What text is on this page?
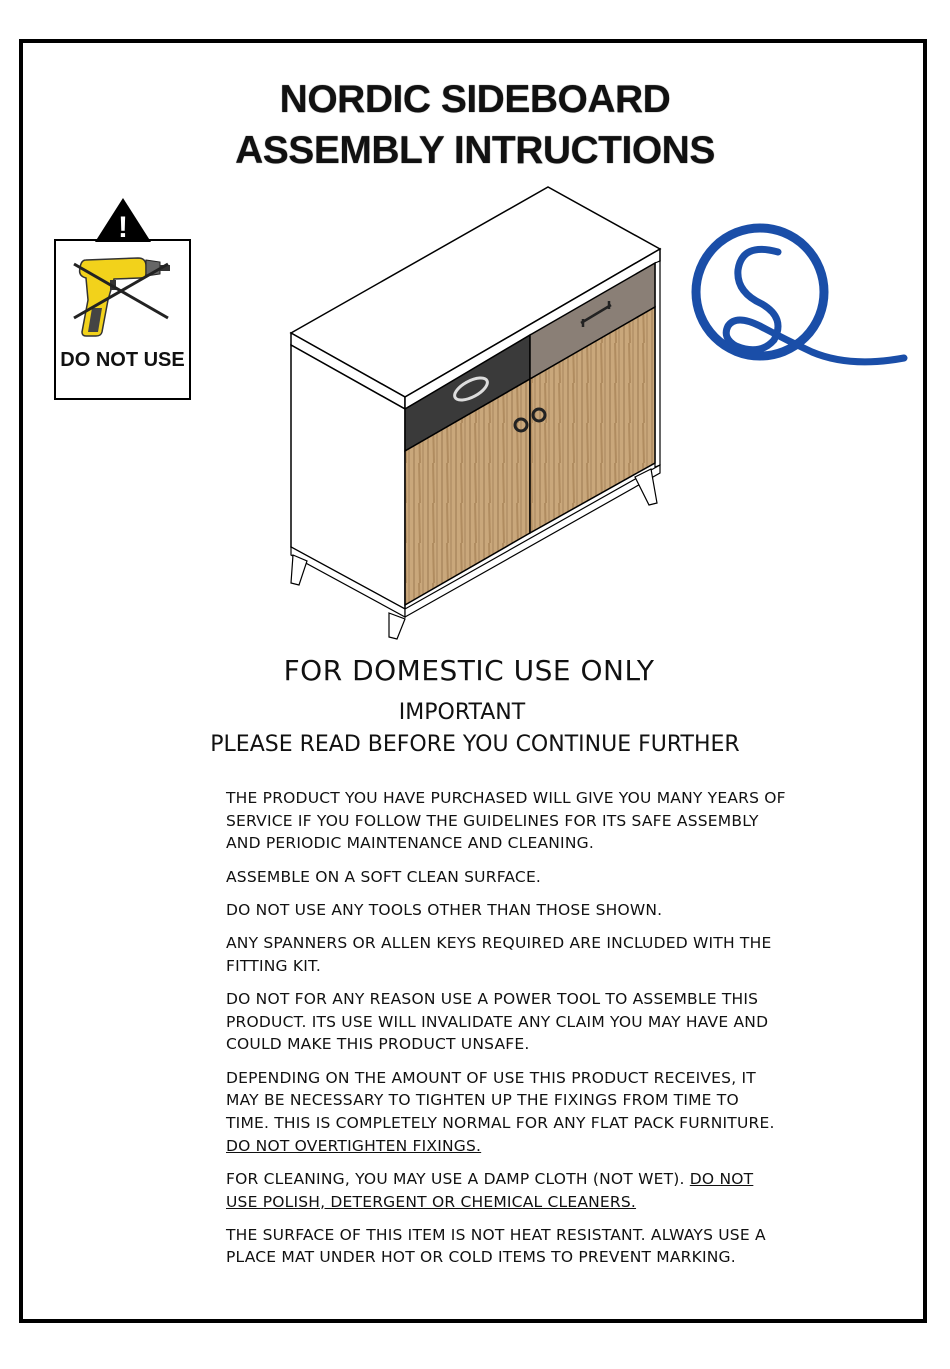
NORDIC SIDEBOARD
ASSEMBLY INTRUCTIONS
!
DO NOT USE
FOR DOMESTIC USE ONLY
IMPORTANT
PLEASE READ BEFORE YOU CONTINUE FURTHER

THE PRODUCT YOU HAVE PURCHASED WILL GIVE YOU MANY YEARS OF SERVICE IF YOU FOLLOW THE GUIDELINES FOR ITS SAFE ASSEMBLY AND PERIODIC MAINTENANCE AND CLEANING.

ASSEMBLE ON A SOFT CLEAN SURFACE.

DO NOT USE ANY TOOLS OTHER THAN THOSE SHOWN.

ANY SPANNERS OR ALLEN KEYS REQUIRED ARE INCLUDED WITH THE FITTING KIT.

DO NOT FOR ANY REASON USE A POWER TOOL TO ASSEMBLE THIS PRODUCT. ITS USE WILL INVALIDATE ANY CLAIM YOU MAY HAVE AND COULD MAKE THIS PRODUCT UNSAFE.

DEPENDING ON THE AMOUNT OF USE THIS PRODUCT RECEIVES, IT MAY BE NECESSARY TO TIGHTEN UP THE FIXINGS FROM TIME TO TIME. THIS IS COMPLETELY NORMAL FOR ANY FLAT PACK FURNITURE. DO NOT OVERTIGHTEN FIXINGS.

FOR CLEANING, YOU MAY USE A DAMP CLOTH (NOT WET). DO NOT USE POLISH, DETERGENT OR CHEMICAL CLEANERS.

THE SURFACE OF THIS ITEM IS NOT HEAT RESISTANT. ALWAYS USE A PLACE MAT UNDER HOT OR COLD ITEMS TO PREVENT MARKING.
